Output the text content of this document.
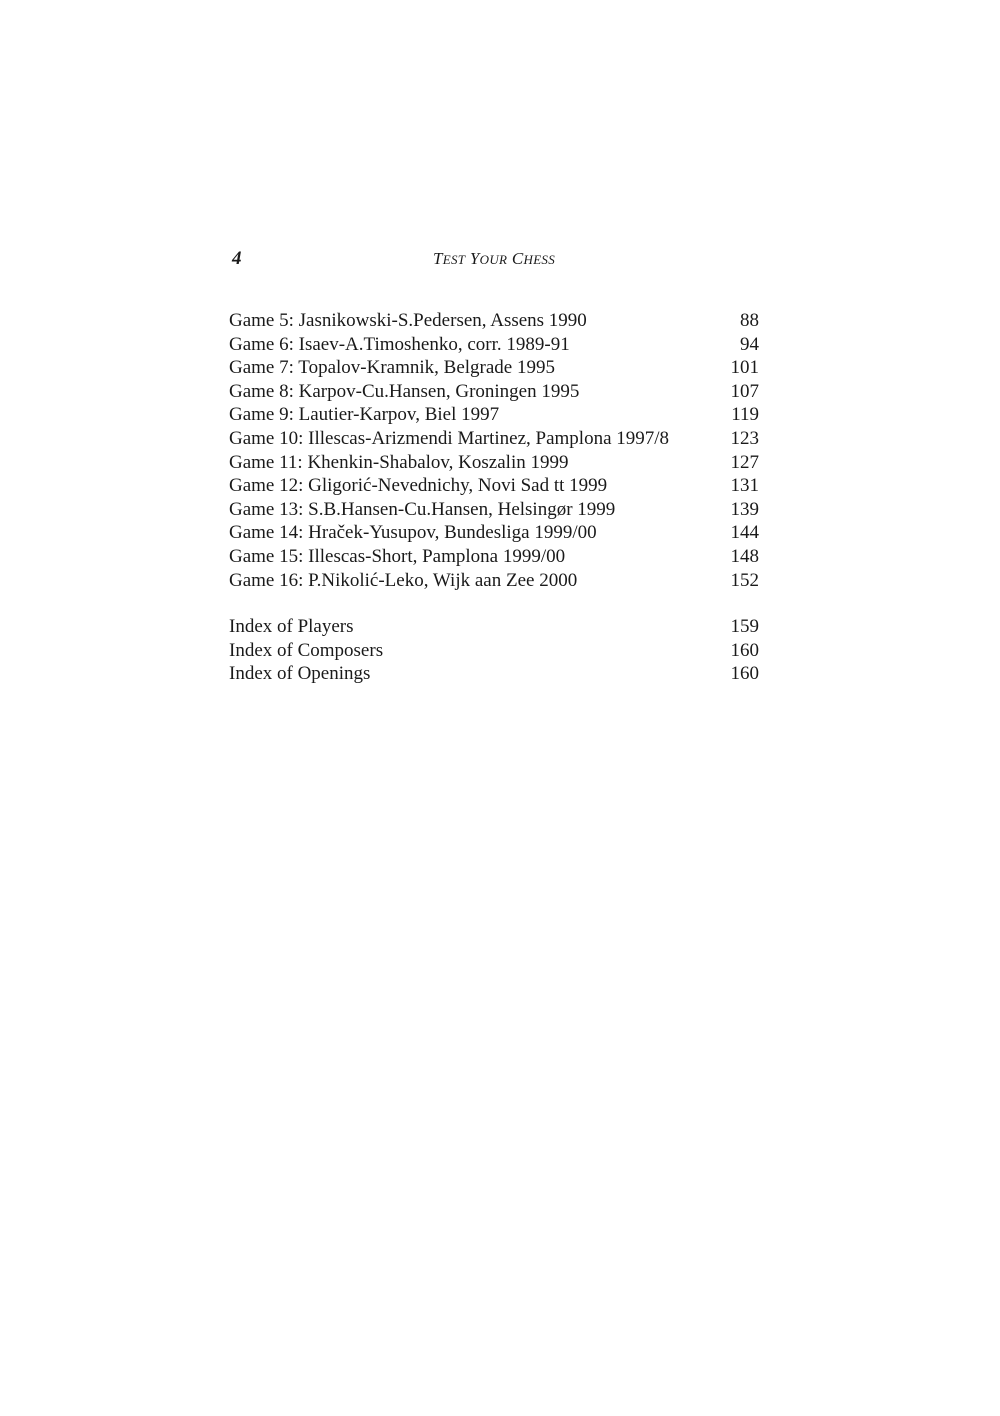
4	TEST YOUR CHESS
Game 5: Jasnikowski-S.Pedersen, Assens 1990	88
Game 6: Isaev-A.Timoshenko, corr. 1989-91	94
Game 7: Topalov-Kramnik, Belgrade 1995	101
Game 8: Karpov-Cu.Hansen, Groningen 1995	107
Game 9: Lautier-Karpov, Biel 1997	119
Game 10: Illescas-Arizmendi Martinez, Pamplona 1997/8	123
Game 11: Khenkin-Shabalov, Koszalin 1999	127
Game 12: Gligorić-Nevednichy, Novi Sad tt 1999	131
Game 13: S.B.Hansen-Cu.Hansen, Helsingør 1999	139
Game 14: Hraček-Yusupov, Bundesliga 1999/00	144
Game 15: Illescas-Short, Pamplona 1999/00	148
Game 16: P.Nikolić-Leko, Wijk aan Zee 2000	152
Index of Players	159
Index of Composers	160
Index of Openings	160
